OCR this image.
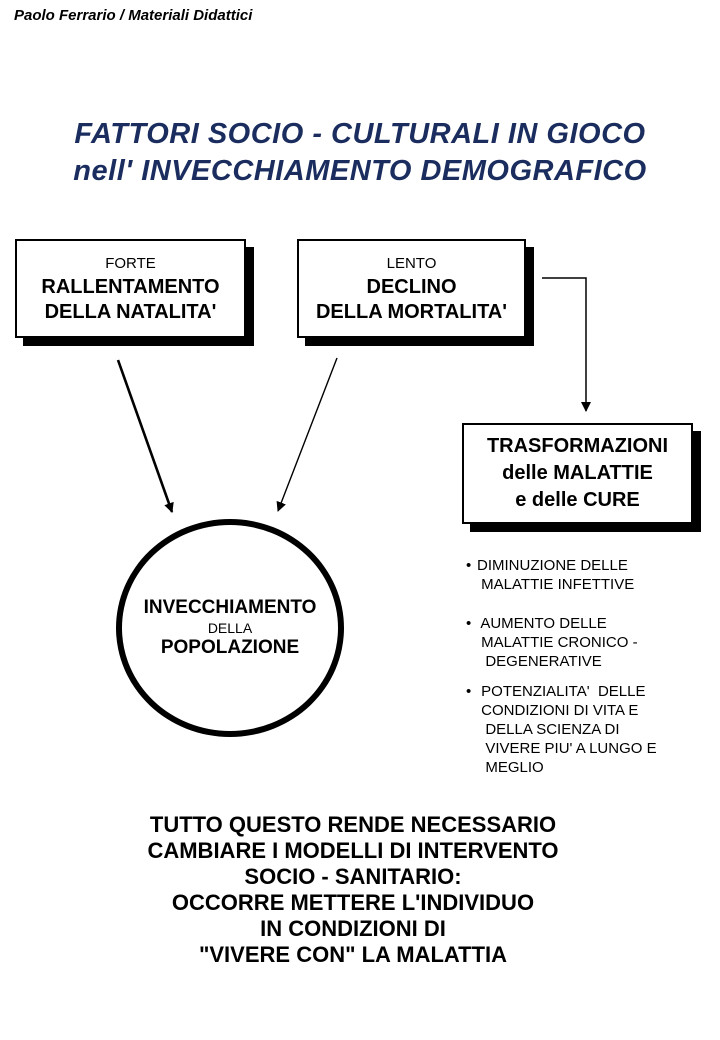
Paolo Ferrario / Materiali Didattici
FATTORI SOCIO - CULTURALI IN GIOCO
nell' INVECCHIAMENTO DEMOGRAFICO
FORTE
RALLENTAMENTO
DELLA NATALITA'
LENTO
DECLINO
DELLA MORTALITA'
TRASFORMAZIONI
delle MALATTIE
e delle CURE
INVECCHIAMENTO
DELLA
POPOLAZIONE
• DIMINUZIONE DELLE
MALATTIE INFETTIVE
• AUMENTO DELLE
MALATTIE CRONICO -
DEGENERATIVE
• POTENZIALITA'  DELLE
CONDIZIONI DI VITA E
DELLA SCIENZA DI
VIVERE PIU' A LUNGO E
MEGLIO
TUTTO QUESTO RENDE NECESSARIO
CAMBIARE I MODELLI DI INTERVENTO
SOCIO - SANITARIO:
OCCORRE METTERE L'INDIVIDUO
IN CONDIZIONI DI
"VIVERE CON" LA MALATTIA
